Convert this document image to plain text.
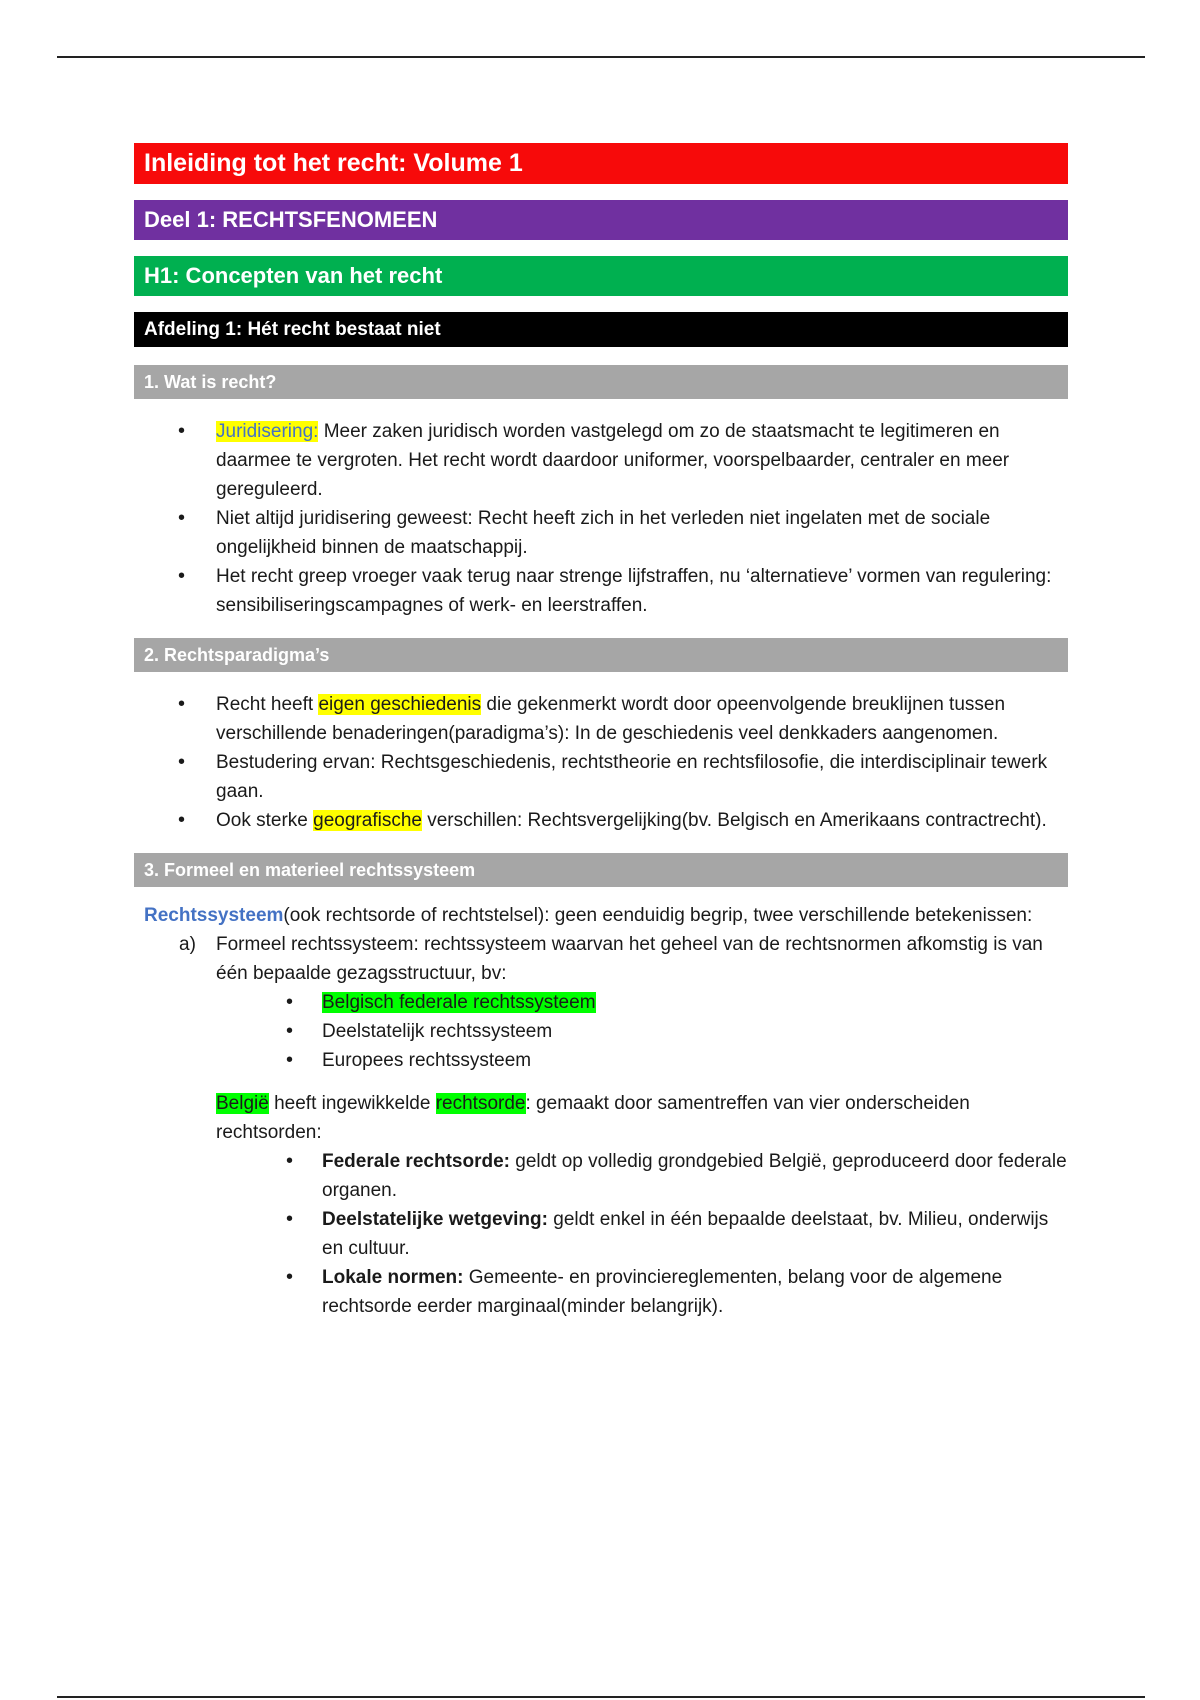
Inleiding tot het recht: Volume 1
Deel 1: RECHTSFENOMEEN
H1: Concepten van het recht
Afdeling 1: Hét recht bestaat niet
1. Wat is recht?
• Juridisering: Meer zaken juridisch worden vastgelegd om zo de staatsmacht te legitimeren en daarmee te vergroten. Het recht wordt daardoor uniformer, voorspelbaarder, centraler en meer gereguleerd.
• Niet altijd juridisering geweest: Recht heeft zich in het verleden niet ingelaten met de sociale ongelijkheid binnen de maatschappij.
• Het recht greep vroeger vaak terug naar strenge lijfstraffen, nu ‘alternatieve’ vormen van regulering: sensibiliseringscampagnes of werk- en leerstraffen.
2. Rechtsparadigma’s
• Recht heeft eigen geschiedenis die gekenmerkt wordt door opeenvolgende breuklijnen tussen verschillende benaderingen(paradigma’s): In de geschiedenis veel denkkaders aangenomen.
• Bestudering ervan: Rechtsgeschiedenis, rechtstheorie en rechtsfilosofie, die interdisciplinair tewerk gaan.
• Ook sterke geografische verschillen: Rechtsvergelijking(bv. Belgisch en Amerikaans contractrecht).
3. Formeel en materieel rechtssysteem
Rechtssysteem(ook rechtsorde of rechtstelsel): geen eenduidig begrip, twee verschillende betekenissen:
a) Formeel rechtssysteem: rechtssysteem waarvan het geheel van de rechtsnormen afkomstig is van één bepaalde gezagsstructuur, bv:
• Belgisch federale rechtssysteem
• Deelstatelijk rechtssysteem
• Europees rechtssysteem
België heeft ingewikkelde rechtsorde: gemaakt door samentreffen van vier onderscheiden rechtsorden:
• Federale rechtsorde: geldt op volledig grondgebied België, geproduceerd door federale organen.
• Deelstatelijke wetgeving: geldt enkel in één bepaalde deelstaat, bv. Milieu, onderwijs en cultuur.
• Lokale normen: Gemeente- en provinciereglementen, belang voor de algemene rechtsorde eerder marginaal(minder belangrijk).
